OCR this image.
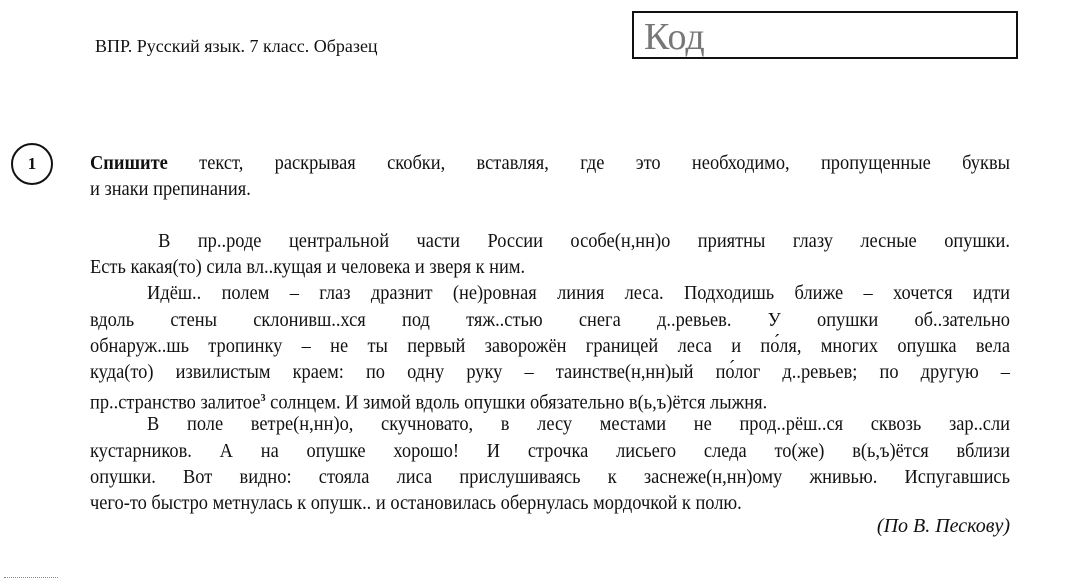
ВПР. Русский язык. 7 класс. Образец	Код
1	Спишите текст, раскрывая скобки, вставляя, где это необходимо, пропущенные буквы
и знаки препинания.
В пр..роде центральной части России особе(н,нн)о приятны глазу лесные опушки.
Есть какая(то) сила вл..кущая и человека и зверя к ним.
Идёш.. полем – глаз дразнит (не)ровная линия леса. Подходишь ближе – хочется идти
вдоль стены склонивш..хся под тяж..стью снега д..ревьев. У опушки об..зательно
обнаруж..шь тропинку – не ты первый заворожён границей леса и по́ля, многих опушка вела
куда(то) извилистым краем: по одну руку – таинстве(н,нн)ый по́лог д..ревьев; по другую –
пр..странство залитое$^3$ солнцем. И зимой вдоль опушки обязательно в(ь,ъ)ётся лыжня.
В поле ветре(н,нн)о, скучновато, в лесу местами не прод..рёш..ся сквозь зар..сли
кустарников. А на опушке хорошо! И строчка лисьего следа то(же) в(ь,ъ)ётся вблизи
опушки. Вот видно: стояла лиса прислушиваясь к заснеже(н,нн)ому жнивью. Испугавшись
чего-то быстро метнулась к опушк.. и остановилась обернулась мордочкой к полю.
(По В. Пескову)
